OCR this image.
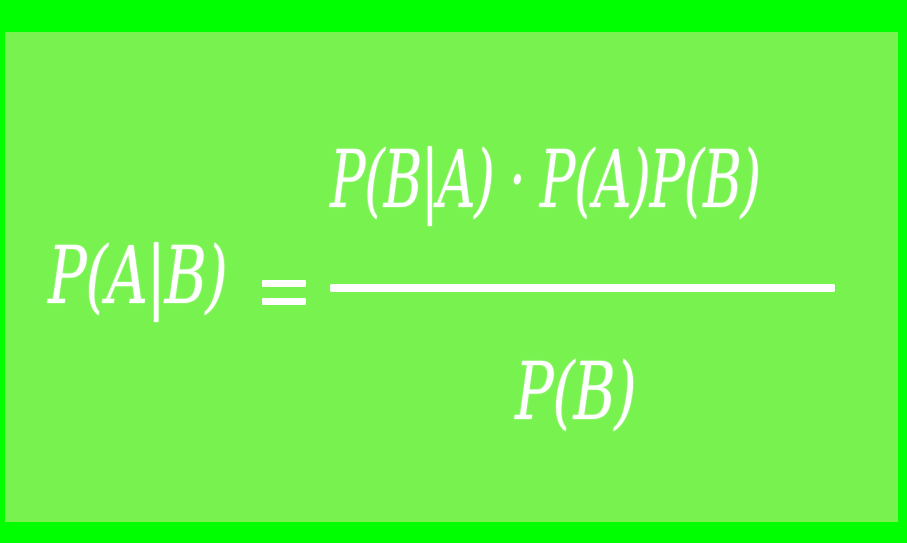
P(A|B)
P(B|A) · P(A)P(B)
P(B)
